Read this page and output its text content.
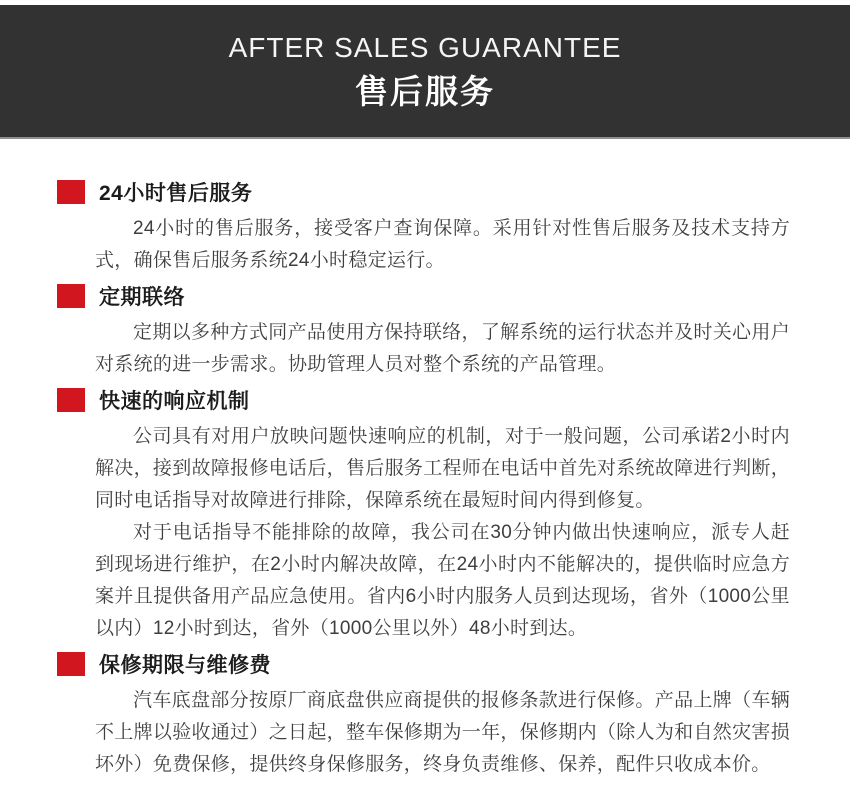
AFTER SALES GUARANTEE
售后服务
24小时售后服务

24小时的售后服务，接受客户查询保障。采用针对性售后服务及技术支持方式，确保售后服务系统24小时稳定运行。

定期联络

定期以多种方式同产品使用方保持联络，了解系统的运行状态并及时关心用户对系统的进一步需求。协助管理人员对整个系统的产品管理。

快速的响应机制

公司具有对用户放映问题快速响应的机制，对于一般问题，公司承诺2小时内解决，接到故障报修电话后，售后服务工程师在电话中首先对系统故障进行判断，同时电话指导对故障进行排除，保障系统在最短时间内得到修复。

对于电话指导不能排除的故障，我公司在30分钟内做出快速响应，派专人赶到现场进行维护，在2小时内解决故障，在24小时内不能解决的，提供临时应急方案并且提供备用产品应急使用。省内6小时内服务人员到达现场，省外（1000公里以内）12小时到达，省外（1000公里以外）48小时到达。

保修期限与维修费

汽车底盘部分按原厂商底盘供应商提供的报修条款进行保修。产品上牌（车辆不上牌以验收通过）之日起，整车保修期为一年，保修期内（除人为和自然灾害损坏外）免费保修，提供终身保修服务，终身负责维修、保养，配件只收成本价。
